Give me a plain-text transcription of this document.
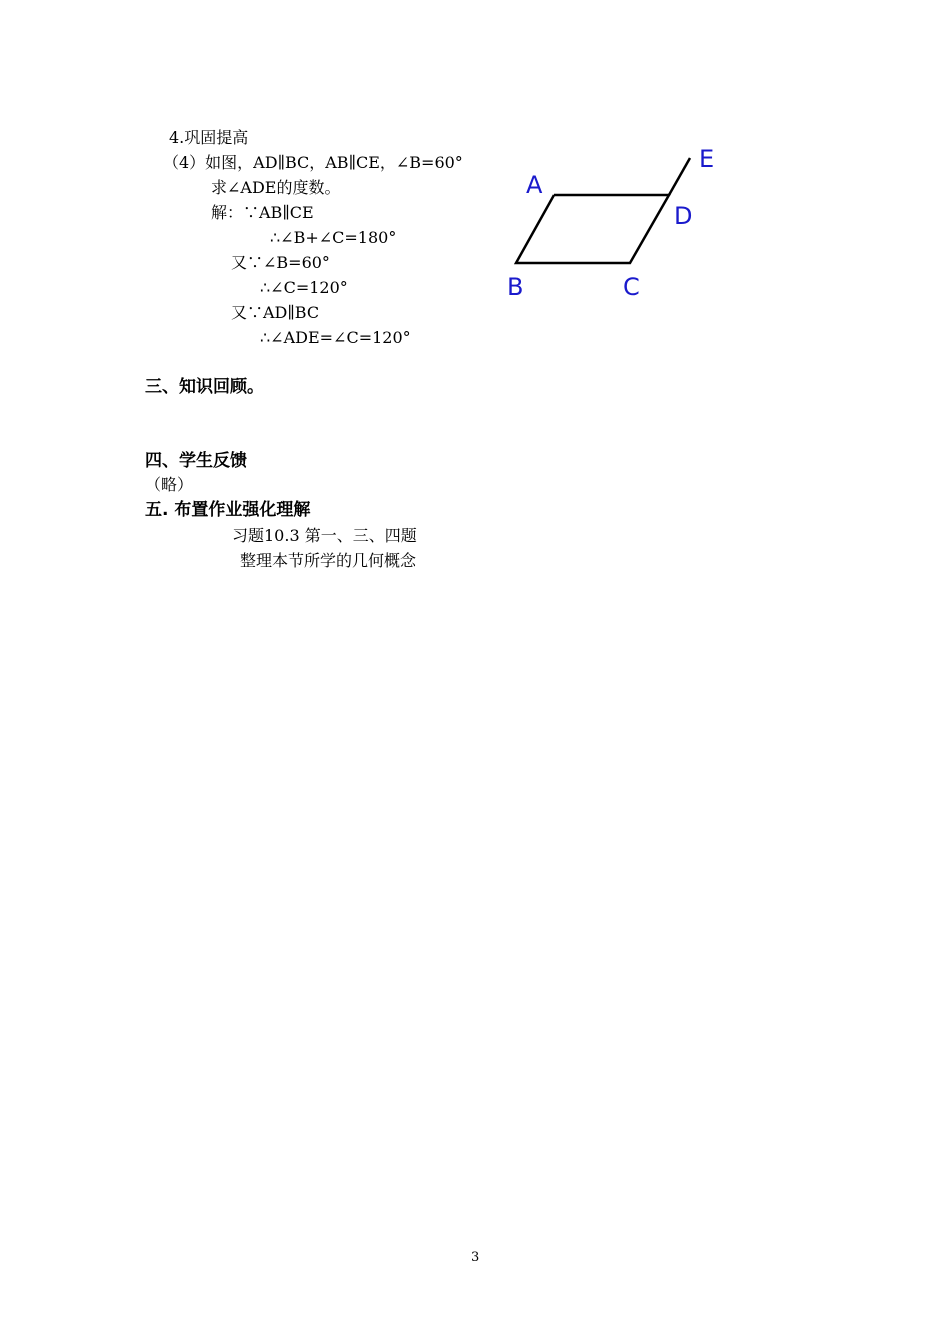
4.巩固提高
（4）如图，AD∥BC，AB∥CE，∠B=60°
求∠ADE的度数。
解：∵AB∥CE
∴∠B+∠C=180°
又∵∠B=60°
∴∠C=120°
又∵AD∥BC
∴∠ADE=∠C=120°
A
B	C
D
E
三、知识回顾。
四、学生反馈
（略）
五. 布置作业强化理解
习题10.3 第一、三、四题
整理本节所学的几何概念
3
